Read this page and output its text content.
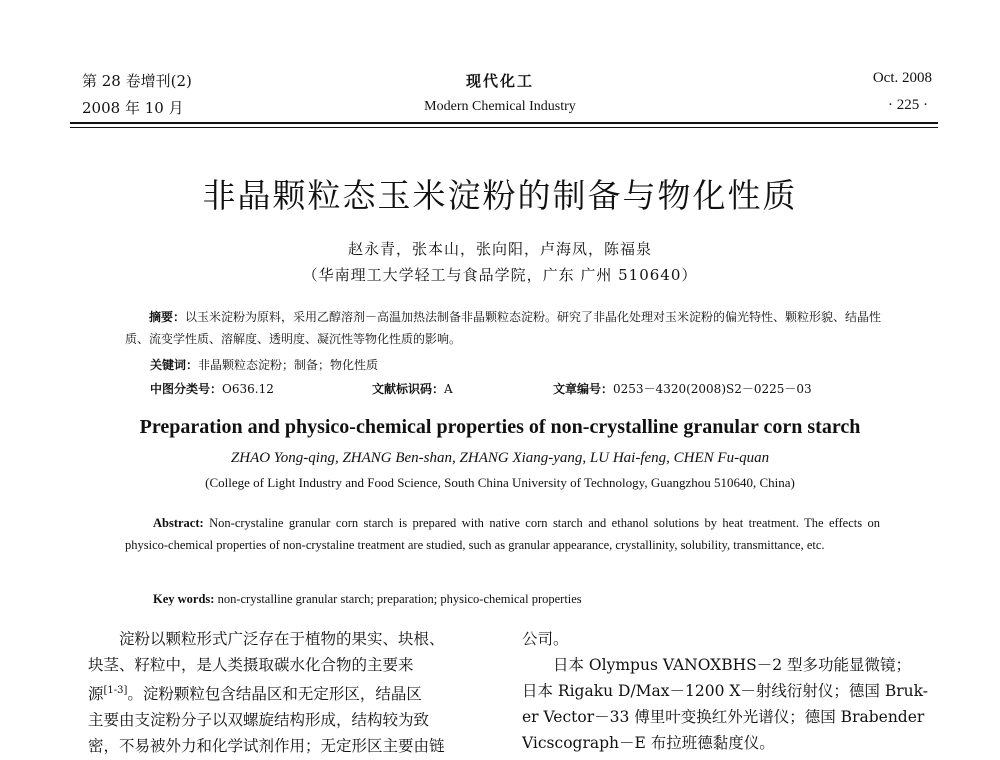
第 28 卷增刊(2)
2008 年 10 月
现代化工
Modern Chemical Industry
Oct. 2008
· 225 ·
非晶颗粒态玉米淀粉的制备与物化性质
赵永青，张本山，张向阳，卢海凤，陈福泉
（华南理工大学轻工与食品学院，广东 广州 510640）
摘要：以玉米淀粉为原料，采用乙醇溶剂－高温加热法制备非晶颗粒态淀粉。研究了非晶化处理对玉米淀粉的偏光特性、颗粒形貌、结晶性质、流变学性质、溶解度、透明度、凝沉性等物化性质的影响。
关键词：非晶颗粒态淀粉；制备；物化性质
中图分类号：O636.12	文献标识码：A	文章编号：0253－4320(2008)S2－0225－03
Preparation and physico-chemical properties of non-crystalline granular corn starch
ZHAO Yong-qing, ZHANG Ben-shan, ZHANG Xiang-yang, LU Hai-feng, CHEN Fu-quan
(College of Light Industry and Food Science, South China University of Technology, Guangzhou 510640, China)
Abstract: Non-crystaline granular corn starch is prepared with native corn starch and ethanol solutions by heat treatment. The effects on physico-chemical properties of non-crystaline treatment are studied, such as granular appearance, crystallinity, solubility, transmittance, etc.
Key words: non-crystalline granular starch; preparation; physico-chemical properties

淀粉以颗粒形式广泛存在于植物的果实、块根、

块茎、籽粒中，是人类摄取碳水化合物的主要来

源[1-3]。淀粉颗粒包含结晶区和无定形区，结晶区

主要由支淀粉分子以双螺旋结构形成，结构较为致

密，不易被外力和化学试剂作用；无定形区主要由链

公司。

日本 Olympus VANOXBHS－2 型多功能显微镜；

日本 Rigaku D/Max－1200 X－射线衍射仪；德国 Bruk-

er Vector－33 傅里叶变换红外光谱仪；德国 Brabender

Vicscograph－E 布拉班德黏度仪。
